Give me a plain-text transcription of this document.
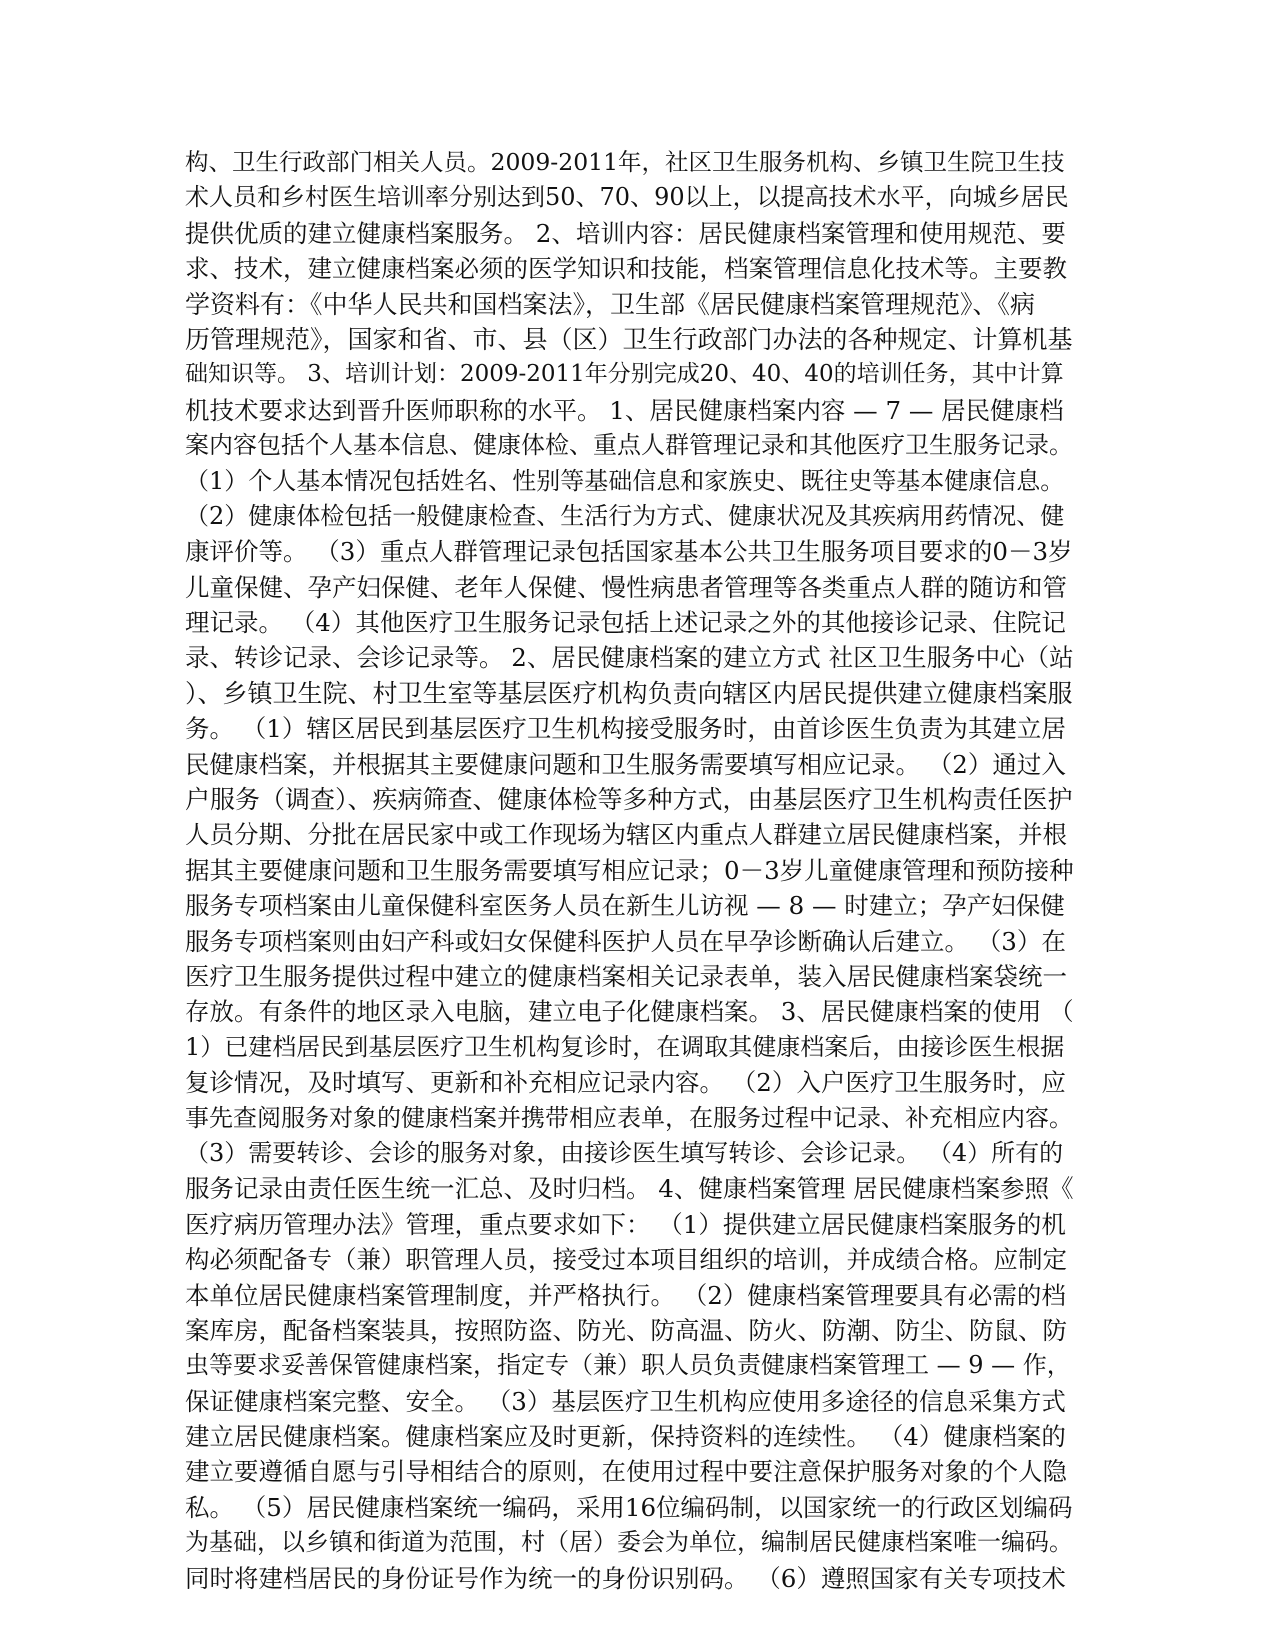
构、卫生行政部门相关人员。2009-2011年，社区卫生服务机构、乡镇卫生院卫生技
术人员和乡村医生培训率分别达到50、70、90以上，以提高技术水平，向城乡居民
提供优质的建立健康档案服务。 2、培训内容：居民健康档案管理和使用规范、要
求、技术，建立健康档案必须的医学知识和技能，档案管理信息化技术等。主要教
学资料有：《中华人民共和国档案法》，卫生部《居民健康档案管理规范》、《病
历管理规范》，国家和省、市、县（区）卫生行政部门办法的各种规定、计算机基
础知识等。 3、培训计划：2009-2011年分别完成20、40、40的培训任务，其中计算
机技术要求达到晋升医师职称的水平。 1、居民健康档案内容 — 7 — 居民健康档
案内容包括个人基本信息、健康体检、重点人群管理记录和其他医疗卫生服务记录。
（1）个人基本情况包括姓名、性别等基础信息和家族史、既往史等基本健康信息。
（2）健康体检包括一般健康检查、生活行为方式、健康状况及其疾病用药情况、健
康评价等。 （3）重点人群管理记录包括国家基本公共卫生服务项目要求的0－3岁
儿童保健、孕产妇保健、老年人保健、慢性病患者管理等各类重点人群的随访和管
理记录。 （4）其他医疗卫生服务记录包括上述记录之外的其他接诊记录、住院记
录、转诊记录、会诊记录等。 2、居民健康档案的建立方式 社区卫生服务中心（站
）、乡镇卫生院、村卫生室等基层医疗机构负责向辖区内居民提供建立健康档案服
务。 （1）辖区居民到基层医疗卫生机构接受服务时，由首诊医生负责为其建立居
民健康档案，并根据其主要健康问题和卫生服务需要填写相应记录。 （2）通过入
户服务（调查）、疾病筛查、健康体检等多种方式，由基层医疗卫生机构责任医护
人员分期、分批在居民家中或工作现场为辖区内重点人群建立居民健康档案，并根
据其主要健康问题和卫生服务需要填写相应记录；0－3岁儿童健康管理和预防接种
服务专项档案由儿童保健科室医务人员在新生儿访视 — 8 — 时建立；孕产妇保健
服务专项档案则由妇产科或妇女保健科医护人员在早孕诊断确认后建立。 （3）在
医疗卫生服务提供过程中建立的健康档案相关记录表单，装入居民健康档案袋统一
存放。有条件的地区录入电脑，建立电子化健康档案。 3、居民健康档案的使用 （
1）已建档居民到基层医疗卫生机构复诊时，在调取其健康档案后，由接诊医生根据
复诊情况，及时填写、更新和补充相应记录内容。 （2）入户医疗卫生服务时，应
事先查阅服务对象的健康档案并携带相应表单，在服务过程中记录、补充相应内容。
（3）需要转诊、会诊的服务对象，由接诊医生填写转诊、会诊记录。 （4）所有的
服务记录由责任医生统一汇总、及时归档。 4、健康档案管理 居民健康档案参照《
医疗病历管理办法》管理，重点要求如下： （1）提供建立居民健康档案服务的机
构必须配备专（兼）职管理人员，接受过本项目组织的培训，并成绩合格。应制定
本单位居民健康档案管理制度，并严格执行。 （2）健康档案管理要具有必需的档
案库房，配备档案装具，按照防盗、防光、防高温、防火、防潮、防尘、防鼠、防
虫等要求妥善保管健康档案，指定专（兼）职人员负责健康档案管理工 — 9 — 作，
保证健康档案完整、安全。 （3）基层医疗卫生机构应使用多途径的信息采集方式
建立居民健康档案。健康档案应及时更新，保持资料的连续性。 （4）健康档案的
建立要遵循自愿与引导相结合的原则，在使用过程中要注意保护服务对象的个人隐
私。 （5）居民健康档案统一编码，采用16位编码制，以国家统一的行政区划编码
为基础，以乡镇和街道为范围，村（居）委会为单位，编制居民健康档案唯一编码。
同时将建档居民的身份证号作为统一的身份识别码。 （6）遵照国家有关专项技术
